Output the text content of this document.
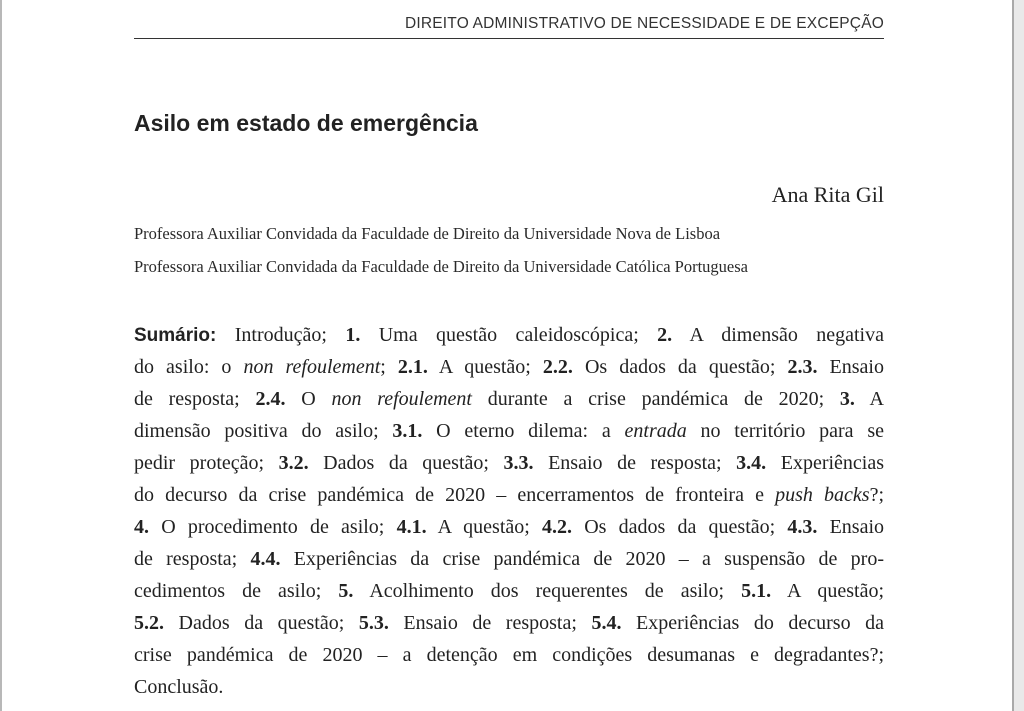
DIREITO ADMINISTRATIVO DE NECESSIDADE E DE EXCEPÇÃO
Asilo em estado de emergência
Ana Rita Gil
Professora Auxiliar Convidada da Faculdade de Direito da Universidade Nova de Lisboa
Professora Auxiliar Convidada da Faculdade de Direito da Universidade Católica Portuguesa
Sumário: Introdução; 1. Uma questão caleidoscópica; 2. A dimensão negativa
do asilo: o non refoulement; 2.1. A questão; 2.2. Os dados da questão; 2.3. Ensaio
de resposta; 2.4. O non refoulement durante a crise pandémica de 2020; 3. A
dimensão positiva do asilo; 3.1. O eterno dilema: a entrada no território para se
pedir proteção; 3.2. Dados da questão; 3.3. Ensaio de resposta; 3.4. Experiências
do decurso da crise pandémica de 2020 – encerramentos de fronteira e push backs?;
4. O procedimento de asilo; 4.1. A questão; 4.2. Os dados da questão; 4.3. Ensaio
de resposta; 4.4. Experiências da crise pandémica de 2020 – a suspensão de pro-
cedimentos de asilo; 5. Acolhimento dos requerentes de asilo; 5.1. A questão;
5.2. Dados da questão; 5.3. Ensaio de resposta; 5.4. Experiências do decurso da
crise pandémica de 2020 – a detenção em condições desumanas e degradantes?;
Conclusão.
